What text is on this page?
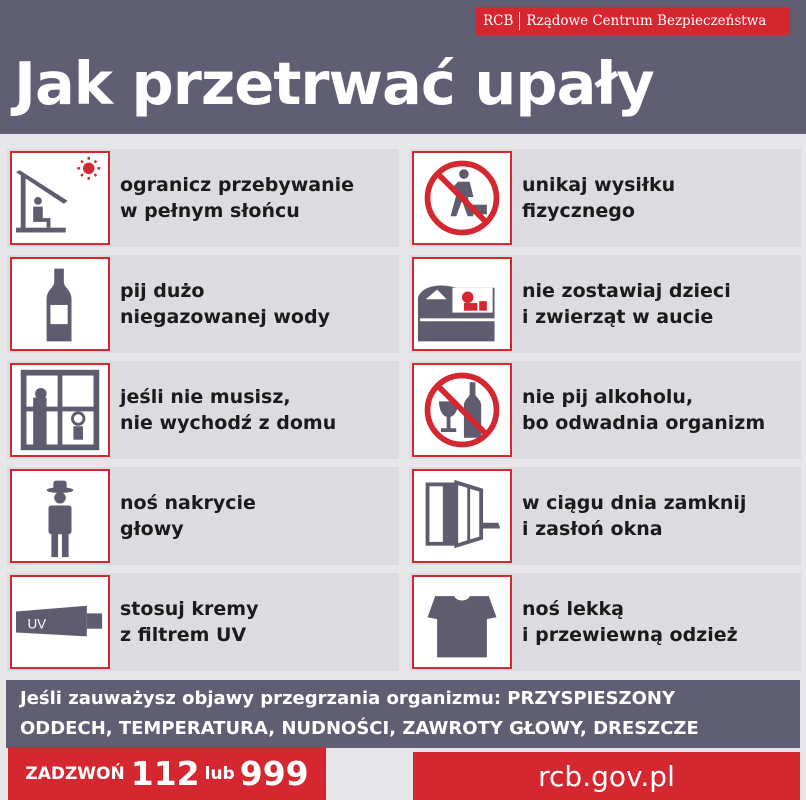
RCB Rządowe Centrum Bezpieczeństwa
Jak przetrwać upały
ogranicz przebywanie
w pełnym słońcu
unikaj wysiłku
fizycznego
pij dużo
niegazowanej wody
nie zostawiaj dzieci
i zwierząt w aucie
jeśli nie musisz,
nie wychodź z domu
nie pij alkoholu,
bo odwadnia organizm
noś nakrycie
głowy
w ciągu dnia zamknij
i zasłoń okna
UV
stosuj kremy
z filtrem UV
noś lekką
i przewiewną odzież
Jeśli zauważysz objawy przegrzania organizmu: PRZYSPIESZONY
ODDECH, TEMPERATURA, NUDNOŚCI, ZAWROTY GŁOWY, DRESZCZE
ZADZWOŃ 112 lub 999	rcb.gov.pl
